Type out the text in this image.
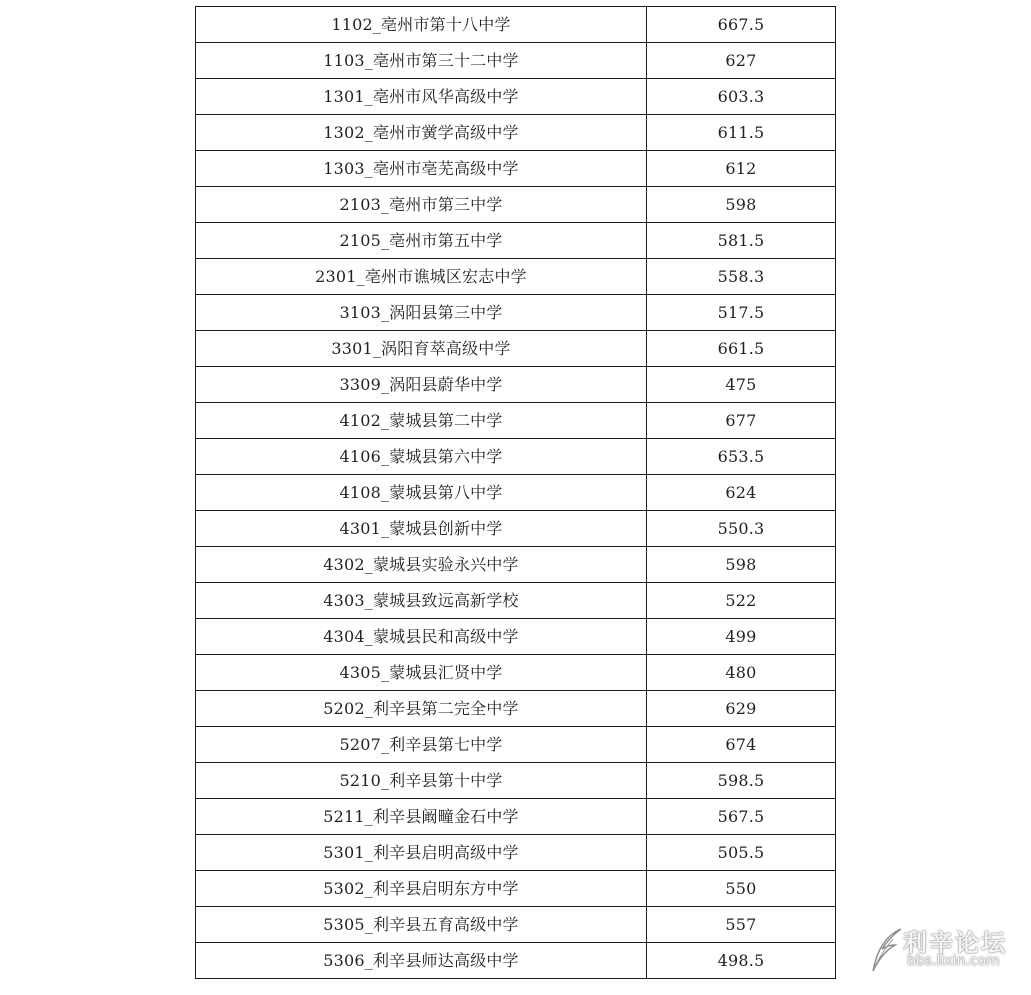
1102_亳州市第十八中学	667.5
1103_亳州市第三十二中学	627
1301_亳州市风华高级中学	603.3
1302_亳州市黉学高级中学	611.5
1303_亳州市亳芜高级中学	612
2103_亳州市第三中学	598
2105_亳州市第五中学	581.5
2301_亳州市谯城区宏志中学	558.3
3103_涡阳县第三中学	517.5
3301_涡阳育萃高级中学	661.5
3309_涡阳县蔚华中学	475
4102_蒙城县第二中学	677
4106_蒙城县第六中学	653.5
4108_蒙城县第八中学	624
4301_蒙城县创新中学	550.3
4302_蒙城县实验永兴中学	598
4303_蒙城县致远高新学校	522
4304_蒙城县民和高级中学	499
4305_蒙城县汇贤中学	480
5202_利辛县第二完全中学	629
5207_利辛县第七中学	674
5210_利辛县第十中学	598.5
5211_利辛县阚疃金石中学	567.5
5301_利辛县启明高级中学	505.5
5302_利辛县启明东方中学	550
5305_利辛县五育高级中学	557
5306_利辛县师达高级中学	498.5
利辛论坛
bbs.lixin.com
